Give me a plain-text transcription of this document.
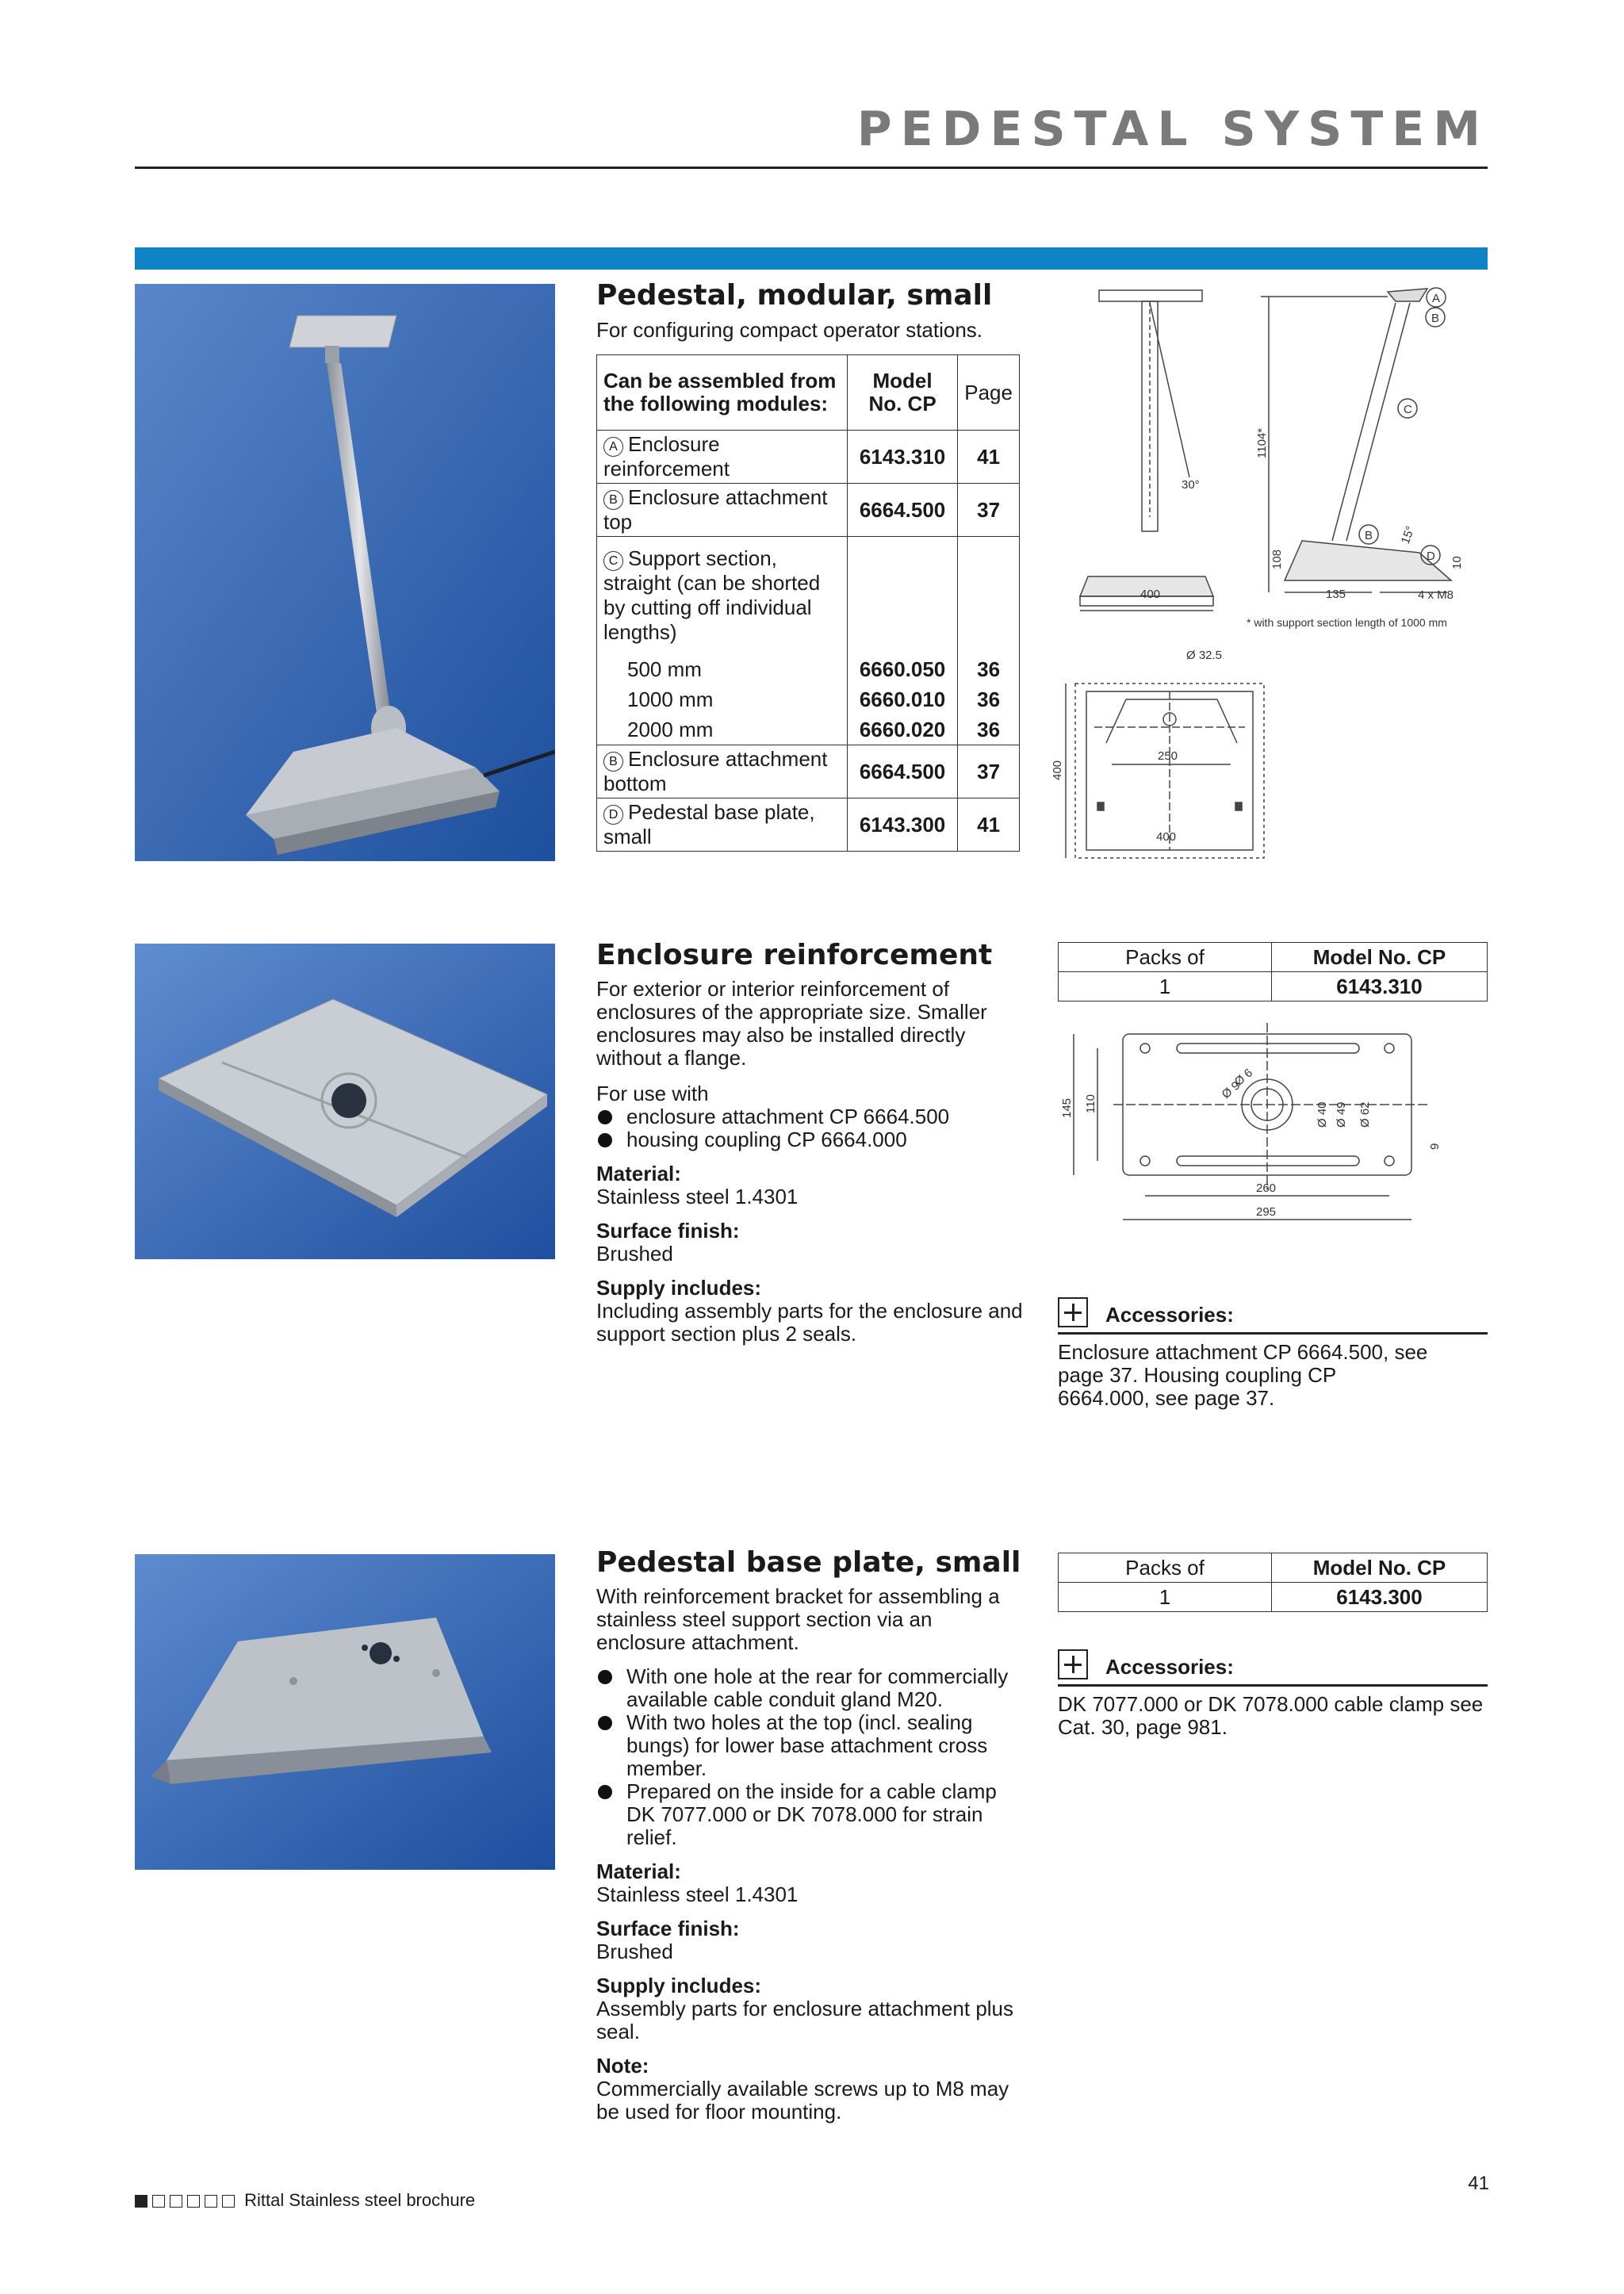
PEDESTAL SYSTEM
Pedestal, modular, small
For configuring compact operator stations.
Can be assembled from the following modules:	Model No. CP	Page
A Enclosure reinforcement	6143.310	41
B Enclosure attachment top	6664.500	37
C Support section, straight (can be shorted by cutting off individual lengths)		
500 mm	6660.050	36
1000 mm	6660.010	36
2000 mm	6660.020	36
B Enclosure attachment bottom	6664.500	37
D Pedestal base plate, small	6143.300	41
400
30°
1104*
108
135
15°
10
4 x M8
* with support section length of 1000 mm
Ø 32.5
400
250
400
A
B
C
B
D
Enclosure reinforcement

For exterior or interior reinforcement of enclosures of the appropriate size. Smaller enclosures may also be installed directly without a flange.

For use with

enclosure attachment CP 6664.500
housing coupling CP 6664.000
Material:
Stainless steel 1.4301
Surface finish:
Brushed
Supply includes:
Including assembly parts for the enclosure and support section plus 2 seals.
Packs of	Model No. CP
1	6143.310
145 110
Ø 6
Ø 9
Ø 40 Ø 49 Ø 62
9
260
295
Accessories:
Enclosure attachment CP 6664.500, see page 37. Housing coupling CP 6664.000, see page 37.
Pedestal base plate, small

With reinforcement bracket for assembling a stainless steel support section via an enclosure attachment.

With one hole at the rear for commercially available cable conduit gland M20.
With two holes at the top (incl. sealing bungs) for lower base attachment cross member.
Prepared on the inside for a cable clamp DK 7077.000 or DK 7078.000 for strain relief.
Material:
Stainless steel 1.4301
Surface finish:
Brushed
Supply includes:
Assembly parts for enclosure attachment plus seal.
Note:
Commercially available screws up to M8 may be used for floor mounting.
Packs of	Model No. CP
1	6143.300
Accessories:
DK 7077.000 or DK 7078.000 cable clamp see Cat. 30, page 981.
Rittal Stainless steel brochure
41
